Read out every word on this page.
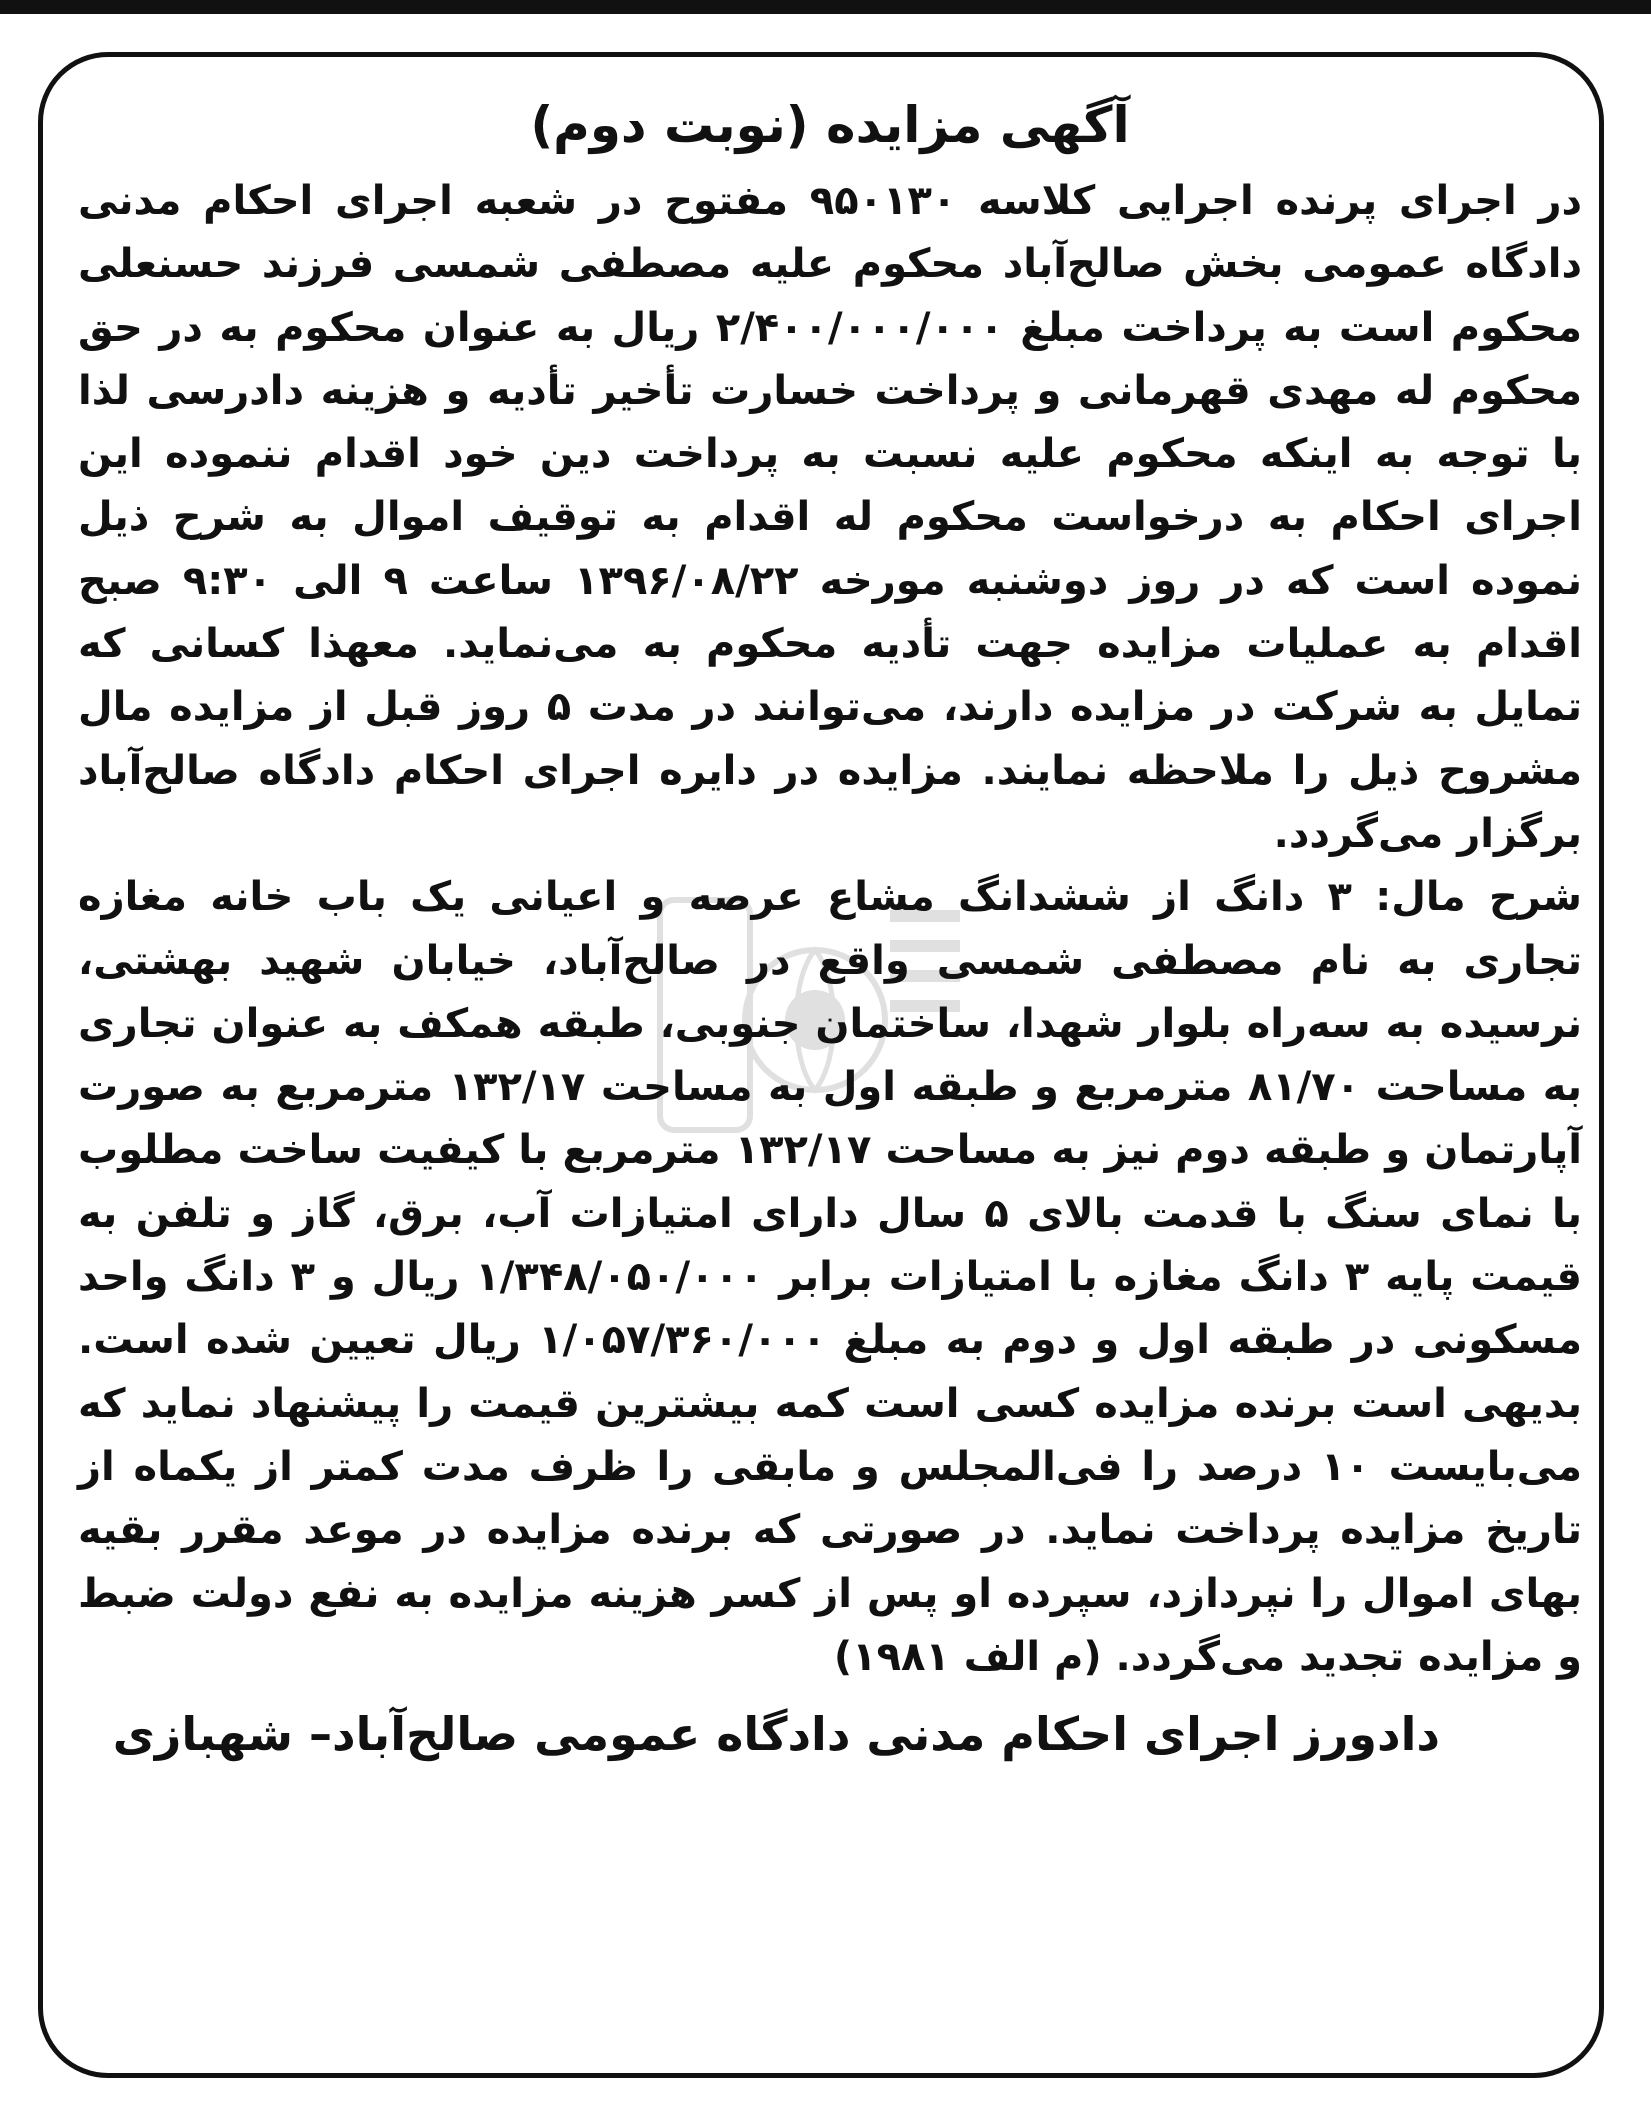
آگهی مزایده (نوبت دوم)

در اجرای پرنده اجرایی کلاسه ۹۵۰۱۳۰ مفتوح در شعبه اجرای احکام مدنی دادگاه عمومی بخش صالح‌آباد محکوم علیه مصطفی شمسی فرزند حسنعلی محکوم است به پرداخت مبلغ ۲/۴۰۰/۰۰۰/۰۰۰ ریال به عنوان محکوم به در حق محکوم له مهدی قهرمانی و پرداخت خسارت تأخیر تأدیه و هزینه دادرسی لذا با توجه به اینکه محکوم علیه نسبت به پرداخت دین خود اقدام ننموده این اجرای احکام به درخواست محکوم له اقدام به توقیف اموال به شرح ذیل نموده است که در روز دوشنبه مورخه ۱۳۹۶/۰۸/۲۲ ساعت ۹ الی ۹:۳۰ صبح اقدام به عملیات مزایده جهت تأدیه محکوم به می‌نماید. معهذا کسانی که تمایل به شرکت در مزایده دارند، می‌توانند در مدت ۵ روز قبل از مزایده مال مشروح ذیل را ملاحظه نمایند. مزایده در دایره اجرای احکام دادگاه صالح‌آباد برگزار می‌گردد.

شرح مال: ۳ دانگ از ششدانگ مشاع عرصه و اعیانی یک باب خانه مغازه تجاری به نام مصطفی شمسی واقع در صالح‌آباد، خیابان شهید بهشتی، نرسیده به سه‌راه بلوار شهدا، ساختمان جنوبی، طبقه همکف به عنوان تجاری به مساحت ۸۱/۷۰ مترمربع و طبقه اول به مساحت ۱۳۲/۱۷ مترمربع به صورت آپارتمان و طبقه دوم نیز به مساحت ۱۳۲/۱۷ مترمربع با کیفیت ساخت مطلوب با نمای سنگ با قدمت بالای ۵ سال دارای امتیازات آب، برق، گاز و تلفن به قیمت پایه ۳ دانگ مغازه با امتیازات برابر ۱/۳۴۸/۰۵۰/۰۰۰ ریال و ۳ دانگ واحد مسکونی در طبقه اول و دوم به مبلغ ۱/۰۵۷/۳۶۰/۰۰۰ ریال تعیین شده است. بدیهی است برنده مزایده کسی است کمه بیشترین قیمت را پیشنهاد نماید که می‌بایست ۱۰ درصد را فی‌المجلس و مابقی را ظرف مدت کمتر از یکماه از تاریخ مزایده پرداخت نماید. در صورتی که برنده مزایده در موعد مقرر بقیه بهای اموال را نپردازد، سپرده او پس از کسر هزینه مزایده به نفع دولت ضبط و مزایده تجدید می‌گردد. (م الف ۱۹۸۱)

دادورز اجرای احکام مدنی دادگاه عمومی صالح‌آباد– شهبازی
